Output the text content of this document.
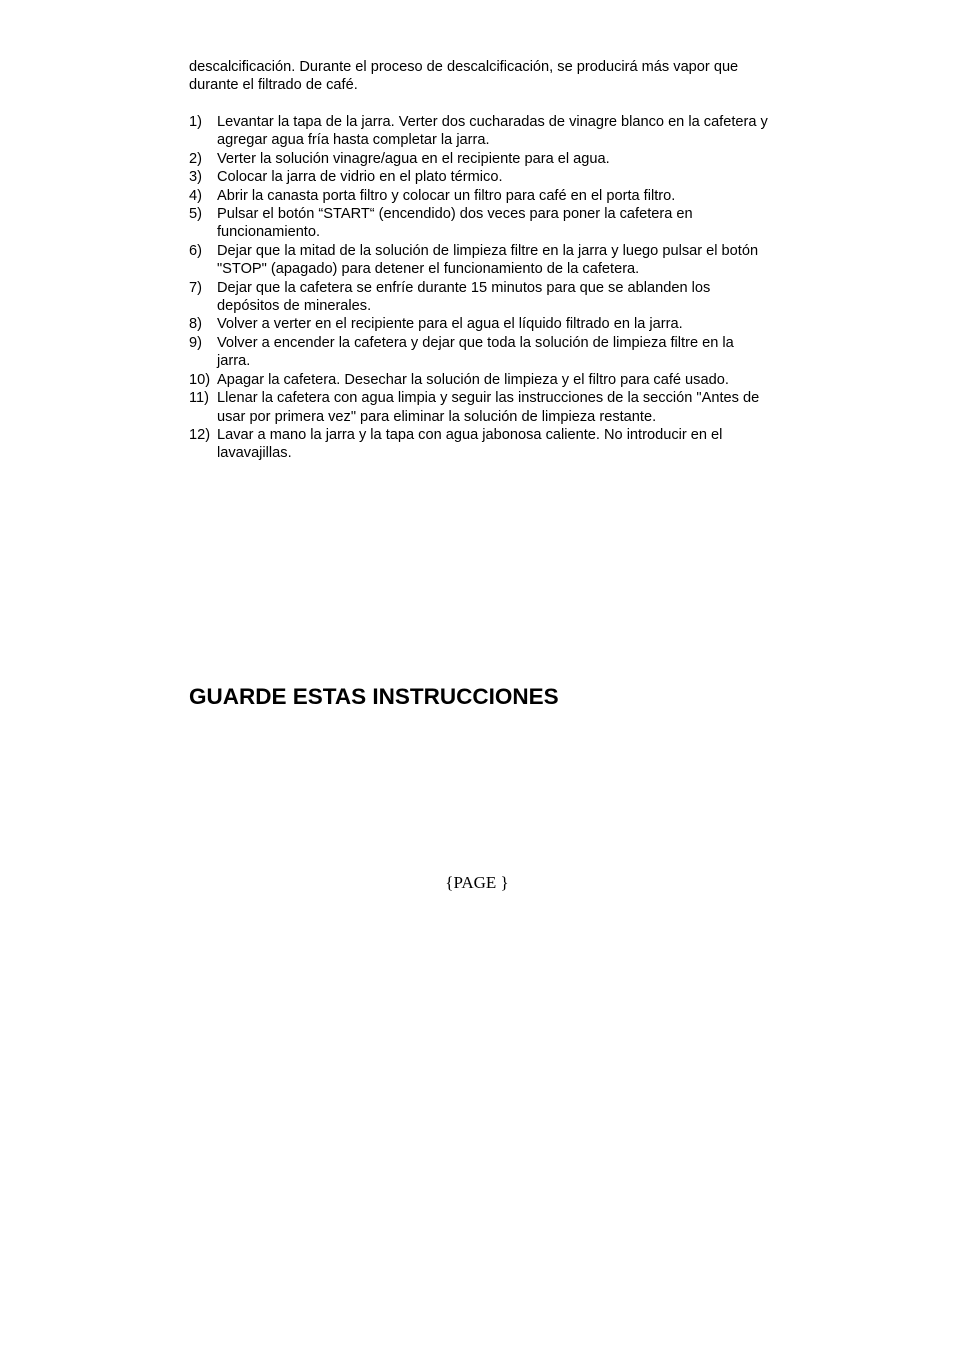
descalcificación. Durante el proceso de descalcificación, se producirá más vapor que durante el filtrado de café.

1)	Levantar la tapa de la jarra. Verter dos cucharadas de vinagre blanco en la cafetera y agregar agua fría hasta completar la jarra.
2)	Verter la solución vinagre/agua en el recipiente para el agua.
3)	Colocar la jarra de vidrio en el plato térmico.
4)	Abrir la canasta porta filtro y colocar un filtro para café en el porta filtro.
5)	Pulsar el botón “START“ (encendido) dos veces para poner la cafetera en funcionamiento.
6)	Dejar que la mitad de la solución de limpieza filtre en la jarra y luego pulsar el botón "STOP" (apagado) para detener el funcionamiento de la cafetera.
7)	Dejar que la cafetera se enfríe durante 15 minutos para que se ablanden los depósitos de minerales.
8)	Volver a verter en el recipiente para el agua el líquido filtrado en la jarra.
9)	Volver a encender la cafetera y dejar que toda la solución de limpieza filtre en la jarra.
10) Apagar la cafetera. Desechar la solución de limpieza y el filtro para café usado.
11) Llenar la cafetera con agua limpia y seguir las instrucciones de la sección "Antes de usar por primera vez" para eliminar la solución de limpieza restante.
12) Lavar a mano la jarra y la tapa con agua jabonosa caliente. No introducir en el lavavajillas.
GUARDE ESTAS INSTRUCCIONES
{PAGE }
